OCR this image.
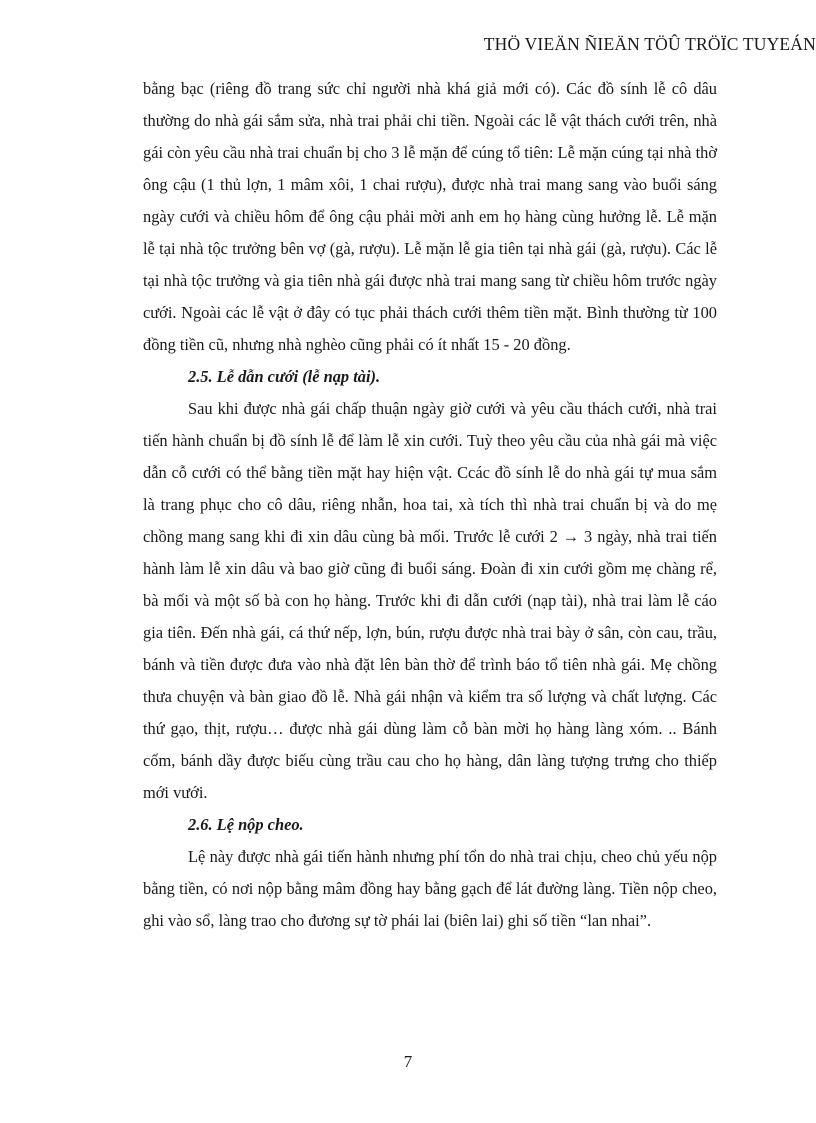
THÖ VIEÄN ÑIEÄN TÖÛ TRÖÏC TUYEÁN

bằng bạc (riêng đồ trang sức chỉ người nhà khá giả mới có). Các đồ sính lễ cô dâu thường do nhà gái sắm sửa, nhà trai phải chi tiền. Ngoài các lễ vật thách cưới trên, nhà gái còn yêu cầu nhà trai chuẩn bị cho 3 lễ mặn để cúng tổ tiên: Lễ mặn cúng tại nhà thờ ông cậu (1 thủ lợn, 1 mâm xôi, 1 chai rượu), được nhà trai mang sang vào buổi sáng ngày cưới và chiều hôm để ông cậu phải mời anh em họ hàng cùng hưởng lễ. Lễ mặn lễ tại nhà tộc trưởng bên vợ (gà, rượu). Lễ mặn lễ gia tiên tại nhà gái (gà, rượu). Các lễ tại nhà tộc trưởng và gia tiên nhà gái được nhà trai mang sang từ chiều hôm trước ngày cưới. Ngoài các lễ vật ở đây có tục phải thách cưới thêm tiền mặt. Bình thường từ 100 đồng tiền cũ, nhưng nhà nghèo cũng phải có ít nhất 15 - 20 đồng.

2.5. Lễ dẫn cưới (lễ nạp tài).

Sau khi được nhà gái chấp thuận ngày giờ cưới và yêu cầu thách cưới, nhà trai tiến hành chuẩn bị đồ sính lễ để làm lễ xin cưới. Tuỳ theo yêu cầu của nhà gái mà việc dẫn cỗ cưới có thể bằng tiền mặt hay hiện vật. Ccác đồ sính lễ do nhà gái tự mua sắm là trang phục cho cô dâu, riêng nhẫn, hoa tai, xà tích thì nhà trai chuẩn bị và do mẹ chồng mang sang khi đi xin dâu cùng bà mối. Trước lễ cưới 2 → 3 ngày, nhà trai tiến hành làm lễ xin dâu và bao giờ cũng đi buổi sáng. Đoàn đi xin cưới gồm mẹ chàng rể, bà mối và một số bà con họ hàng. Trước khi đi dẫn cưới (nạp tài), nhà trai làm lễ cáo gia tiên. Đến nhà gái, cá thứ nếp, lợn, bún, rượu được nhà trai bày ở sân, còn cau, trầu, bánh và tiền được đưa vào nhà đặt lên bàn thờ để trình báo tổ tiên nhà gái. Mẹ chồng thưa chuyện và bàn giao đồ lễ. Nhà gái nhận và kiểm tra số lượng và chất lượng. Các thứ gạo, thịt, rượu… được nhà gái dùng làm cỗ bàn mời họ hàng làng xóm. .. Bánh cốm, bánh dầy được biếu cùng trầu cau cho họ hàng, dân làng tượng trưng cho thiếp mới vưới.

2.6. Lệ nộp cheo.

Lệ này được nhà gái tiến hành nhưng phí tổn do nhà trai chịu, cheo chủ yếu nộp bằng tiền, có nơi nộp bằng mâm đồng hay bằng gạch để lát đường làng. Tiền nộp cheo, ghi vào sổ, làng trao cho đương sự tờ phái lai (biên lai) ghi số tiền “lan nhai”.

7
